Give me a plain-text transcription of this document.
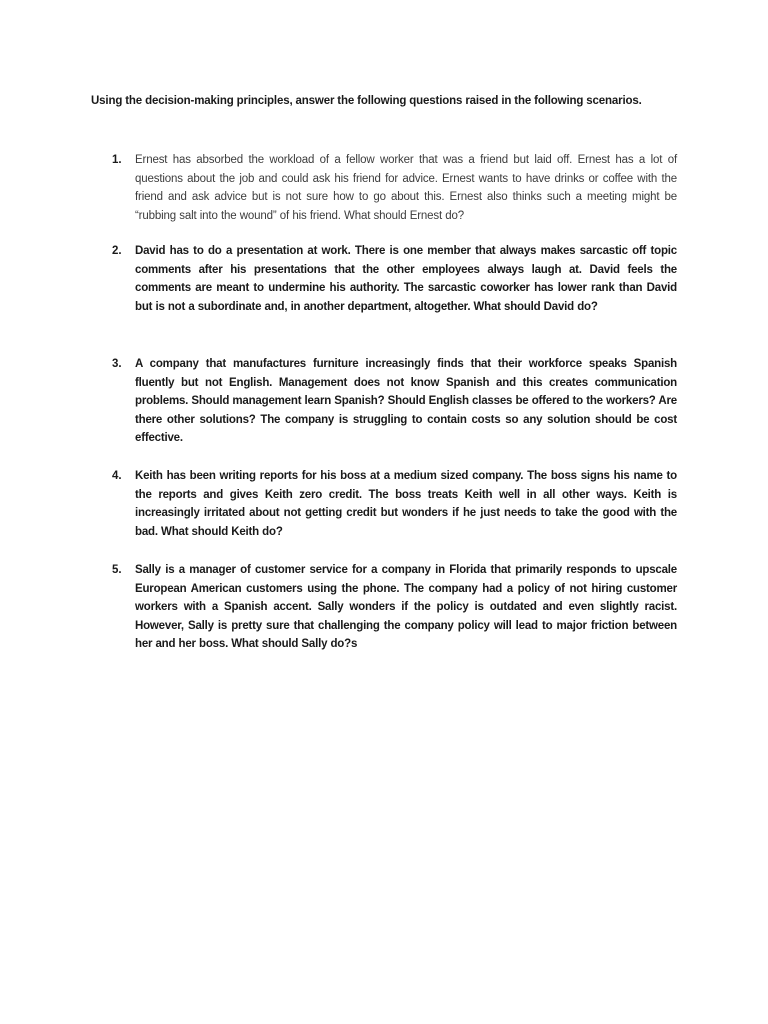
Using the decision-making principles, answer the following questions raised in the following scenarios.
1. Ernest has absorbed the workload of a fellow worker that was a friend but laid off. Ernest has a lot of questions about the job and could ask his friend for advice. Ernest wants to have drinks or coffee with the friend and ask advice but is not sure how to go about this. Ernest also thinks such a meeting might be “rubbing salt into the wound” of his friend. What should Ernest do?
2. David has to do a presentation at work. There is one member that always makes sarcastic off topic comments after his presentations that the other employees always laugh at. David feels the comments are meant to undermine his authority. The sarcastic coworker has lower rank than David but is not a subordinate and, in another department, altogether. What should David do?
3. A company that manufactures furniture increasingly finds that their workforce speaks Spanish fluently but not English. Management does not know Spanish and this creates communication problems. Should management learn Spanish? Should English classes be offered to the workers? Are there other solutions? The company is struggling to contain costs so any solution should be cost effective.
4. Keith has been writing reports for his boss at a medium sized company. The boss signs his name to the reports and gives Keith zero credit. The boss treats Keith well in all other ways. Keith is increasingly irritated about not getting credit but wonders if he just needs to take the good with the bad. What should Keith do?
5. Sally is a manager of customer service for a company in Florida that primarily responds to upscale European American customers using the phone. The company had a policy of not hiring customer workers with a Spanish accent. Sally wonders if the policy is outdated and even slightly racist. However, Sally is pretty sure that challenging the company policy will lead to major friction between her and her boss. What should Sally do?s
